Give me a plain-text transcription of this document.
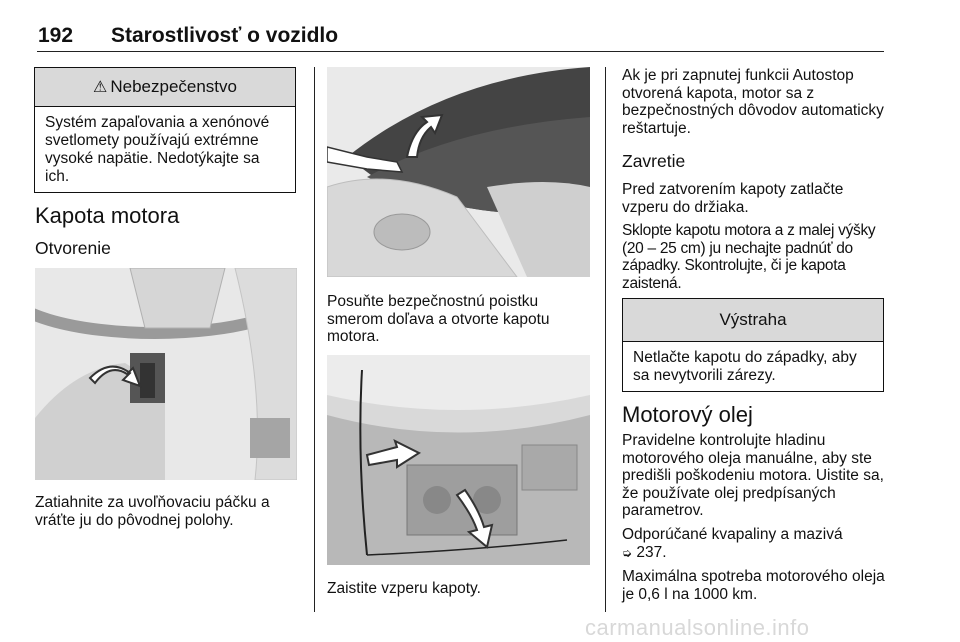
192 Starostlivosť o vozidlo
⚠ Nebezpečenstvo
Systém zapaľovania a xenónové svetlomety používajú extrémne vysoké napätie. Nedotýkajte sa ich.
Kapota motora
Otvorenie
Zatiahnite za uvoľňovaciu páčku a vráťte ju do pôvodnej polohy.
Posuňte bezpečnostnú poistku smerom doľava a otvorte kapotu motora.
Zaistite vzperu kapoty.
Ak je pri zapnutej funkcii Autostop otvorená kapota, motor sa z bezpečnostných dôvodov automaticky reštartuje.
Zavretie
Pred zatvorením kapoty zatlačte vzperu do držiaka.
Sklopte kapotu motora a z malej výšky (20 – 25 cm) ju nechajte padnúť do západky. Skontrolujte, či je kapota zaistená.
Výstraha
Netlačte kapotu do západky, aby sa nevytvorili zárezy.
Motorový olej
Pravidelne kontrolujte hladinu motorového oleja manuálne, aby ste predišli poškodeniu motora. Uistite sa, že používate olej predpísaných parametrov.
Odporúčané kvapaliny a mazivá
➭ 237.
Maximálna spotreba motorového oleja je 0,6 l na 1000 km.
carmanualsonline.info
